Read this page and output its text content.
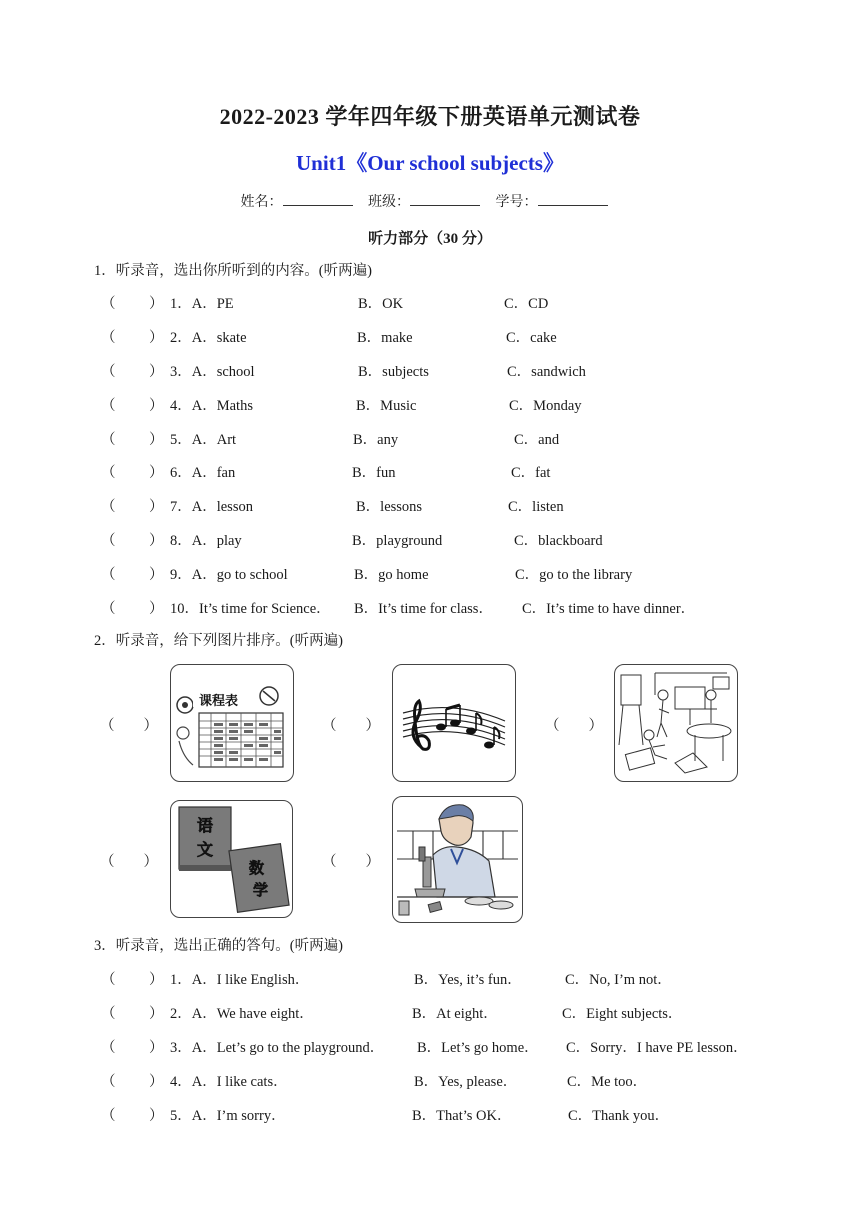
2022-2023 学年四年级下册英语单元测试卷
Unit1《Our school subjects》
姓名：	班级：	学号：
听力部分（30 分）
1．听录音，选出你所听到的内容。(听两遍)
（ ） 1．A．PE	B．OK	C．CD
（ ） 2．A．skate	B．make	C．cake
（ ） 3．A．school	B．subjects	C．sandwich
（ ） 4．A．Maths	B．Music	C．Monday
（ ） 5．A．Art	B．any	C．and
（ ） 6．A．fan	B．fun	C．fat
（ ） 7．A．lesson	B．lessons	C．listen
（ ） 8．A．play	B．playground	C．blackboard
（ ） 9．A．go to school	B．go home	C．go to the library
（ ） 10．It’s time for Science． B．It’s time for class． C．It’s time to have dinner．
2．听录音，给下列图片排序。(听两遍)
（　　）
课程表
（　　）	（　　）
（　　）
语
文
数
学
（　　）
3．听录音，选出正确的答句。(听两遍)
（ ） 1．A．I like English．	B．Yes, it’s fun．	C．No, I’m not．
（ ） 2．A．We have eight．	B．At eight．	C．Eight subjects．
（ ） 3．A．Let’s go to the playground． B．Let’s go home． C．Sorry．I have PE lesson．
（ ） 4．A．I like cats．	B．Yes, please．	C．Me too．
（ ） 5．A．I’m sorry．	B．That’s OK．	C．Thank you．
